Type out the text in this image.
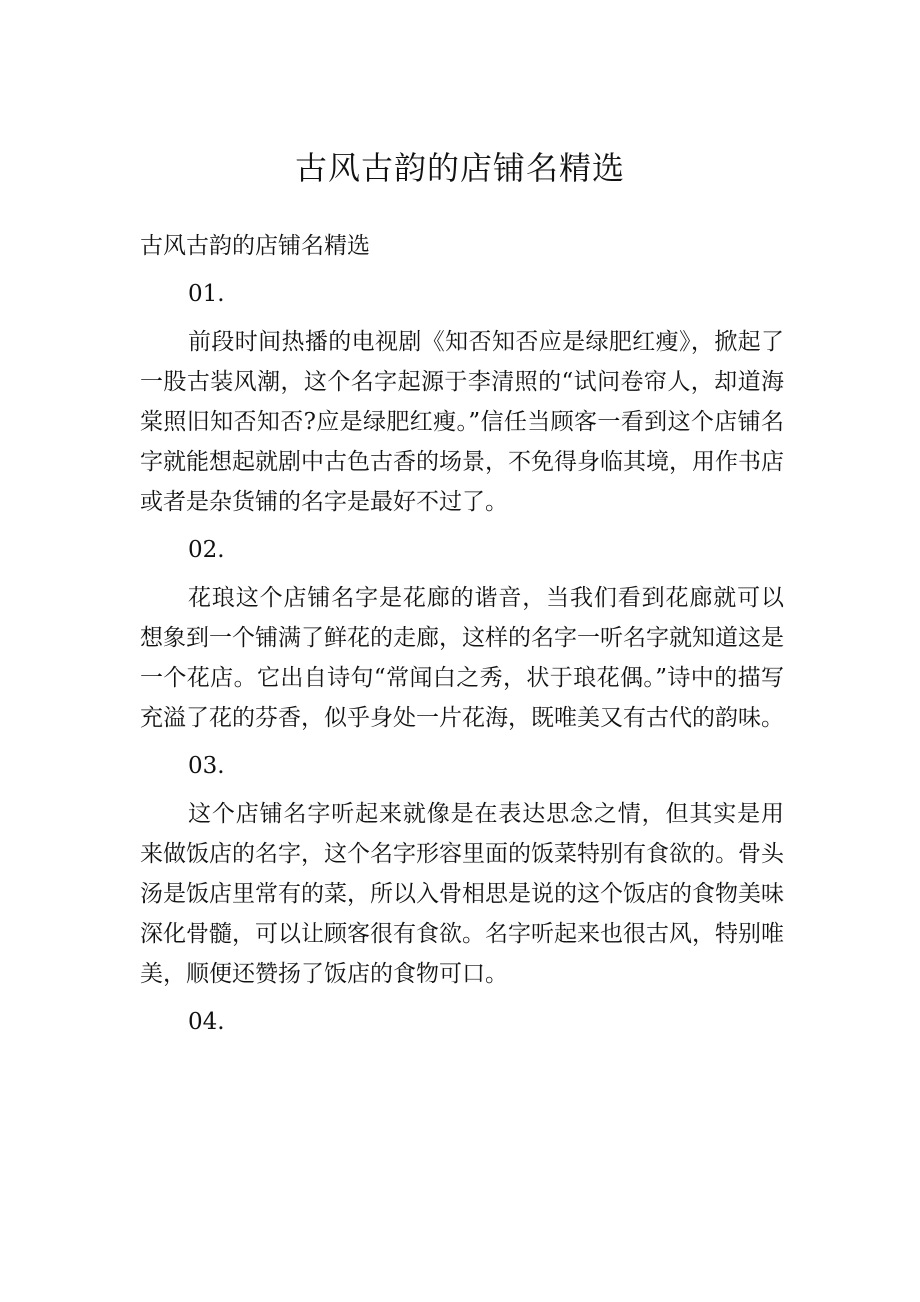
古风古韵的店铺名精选

古风古韵的店铺名精选

01.

前段时间热播的电视剧《知否知否应是绿肥红瘦》，掀起了一股古装风潮，这个名字起源于李清照的“试问卷帘人，却道海棠照旧知否知否?应是绿肥红瘦。”信任当顾客一看到这个店铺名字就能想起就剧中古色古香的场景，不免得身临其境，用作书店或者是杂货铺的名字是最好不过了。

02.

花琅这个店铺名字是花廊的谐音，当我们看到花廊就可以想象到一个铺满了鲜花的走廊，这样的名字一听名字就知道这是一个花店。它出自诗句“常闻白之秀，状于琅花偶。”诗中的描写充溢了花的芬香，似乎身处一片花海，既唯美又有古代的韵味。

03.

这个店铺名字听起来就像是在表达思念之情，但其实是用来做饭店的名字，这个名字形容里面的饭菜特别有食欲的。骨头汤是饭店里常有的菜，所以入骨相思是说的这个饭店的食物美味深化骨髓，可以让顾客很有食欲。名字听起来也很古风，特别唯美，顺便还赞扬了饭店的食物可口。

04.
